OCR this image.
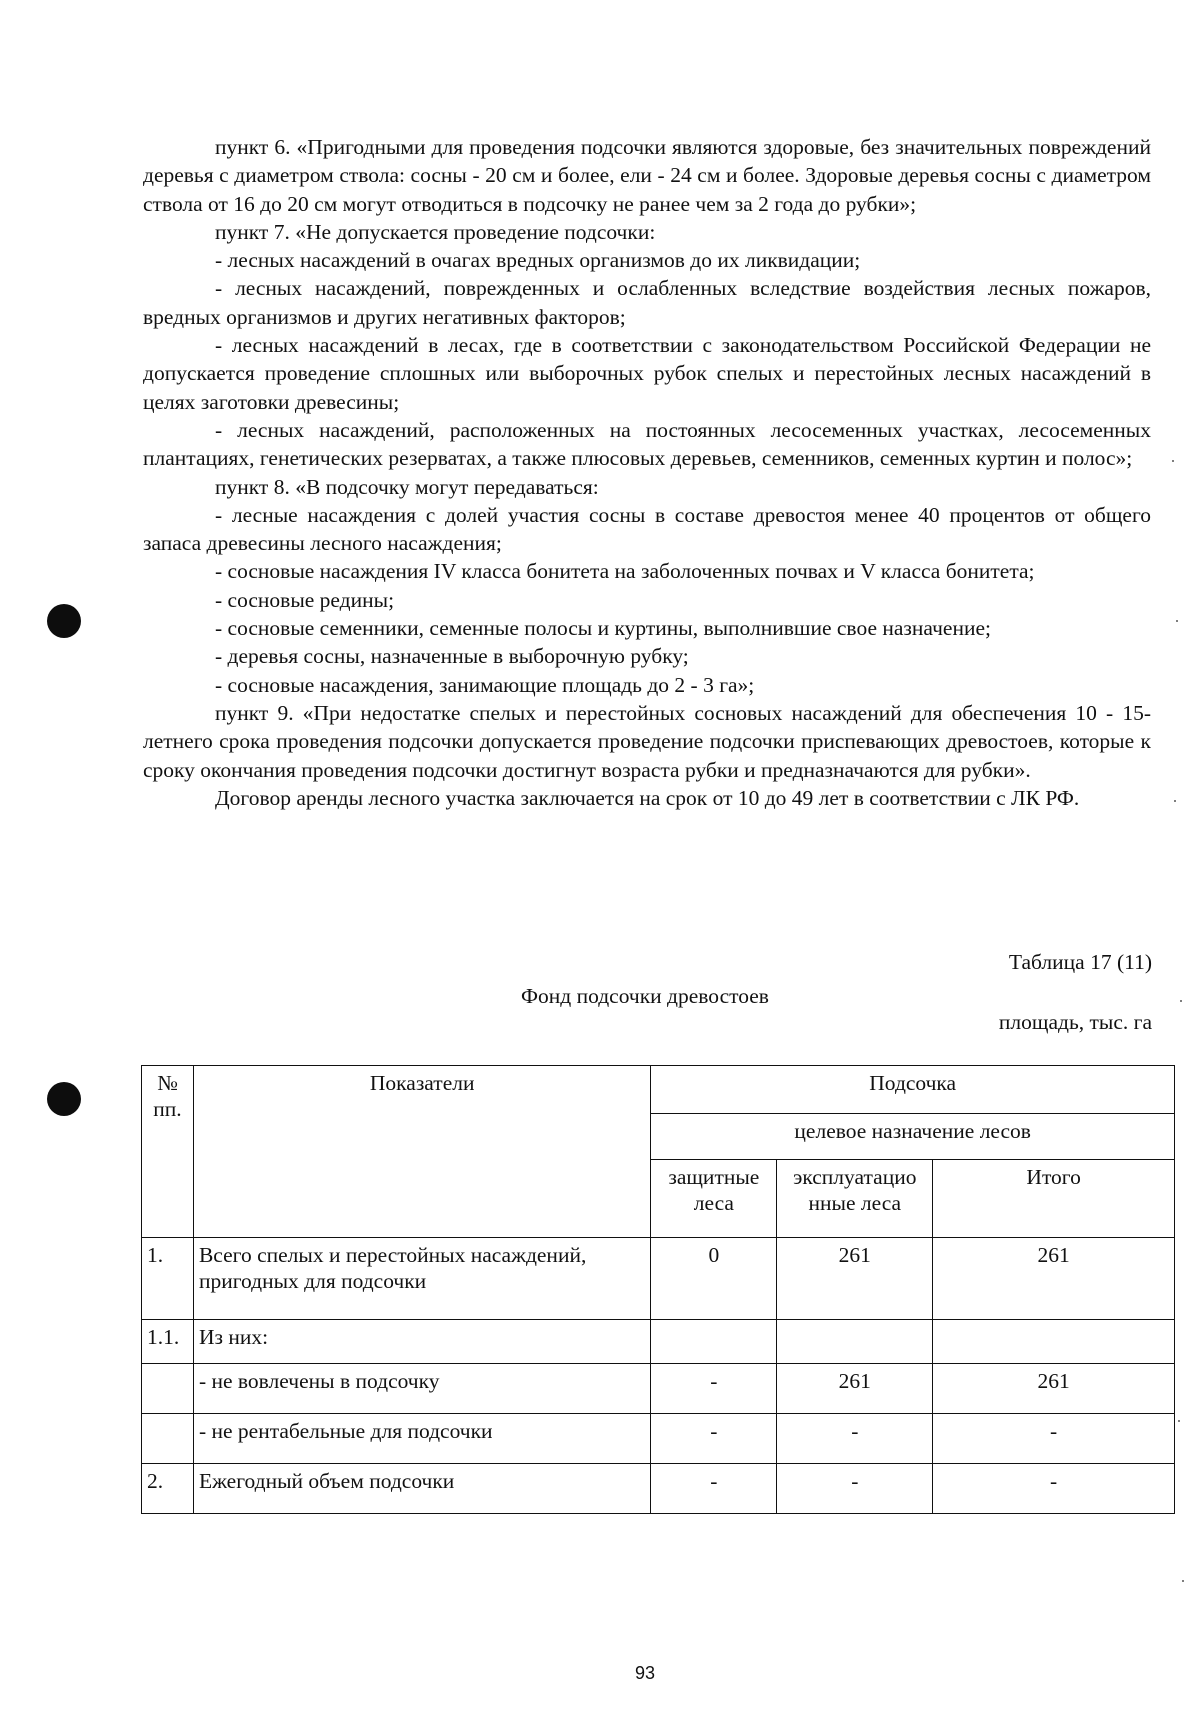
пункт 6. «Пригодными для проведения подсочки являются здоровые, без значительных повреждений деревья с диаметром ствола: сосны - 20 см и более, ели - 24 см и более. Здоровые деревья сосны с диаметром ствола от 16 до 20 см могут отводиться в подсочку не ранее чем за 2 года до рубки»;

пункт 7. «Не допускается проведение подсочки:

- лесных насаждений в очагах вредных организмов до их ликвидации;

- лесных насаждений, поврежденных и ослабленных вследствие воздействия лесных пожаров, вредных организмов и других негативных факторов;

- лесных насаждений в лесах, где в соответствии с законодательством Российской Федерации не допускается проведение сплошных или выборочных рубок спелых и перестойных лесных насаждений в целях заготовки древесины;

- лесных насаждений, расположенных на постоянных лесосеменных участках, лесосеменных плантациях, генетических резерватах, а также плюсовых деревьев, семенников, семенных куртин и полос»;

пункт 8. «В подсочку могут передаваться:

- лесные насаждения с долей участия сосны в составе древостоя менее 40 процентов от общего запаса древесины лесного насаждения;

- сосновые насаждения IV класса бонитета на заболоченных почвах и V класса бонитета;

- сосновые редины;

- сосновые семенники, семенные полосы и куртины, выполнившие свое назначение;

- деревья сосны, назначенные в выборочную рубку;

- сосновые насаждения, занимающие площадь до 2 - 3 га»;

пункт 9. «При недостатке спелых и перестойных сосновых насаждений для обеспечения 10 - 15-летнего срока проведения подсочки допускается проведение подсочки приспевающих древостоев, которые к сроку окончания проведения подсочки достигнут возраста рубки и предназначаются для рубки».

Договор аренды лесного участка заключается на срок от 10 до 49 лет в соответствии с ЛК РФ.

Таблица 17 (11)
Фонд подсочки древостоев
площадь, тыс. га
№ пп.	Показатели	Подсочка		
		целевое назначение лесов		
		защитные леса	эксплуатацио нные леса	Итого
1.	Всего спелых и перестойных насаждений, пригодных для подсочки	0	261	261
1.1.	Из них:			
	- не вовлечены в подсочку	-	261	261
	- не рентабельные для подсочки	-	-	-
2.	Ежегодный объем подсочки	-	-	-
93
